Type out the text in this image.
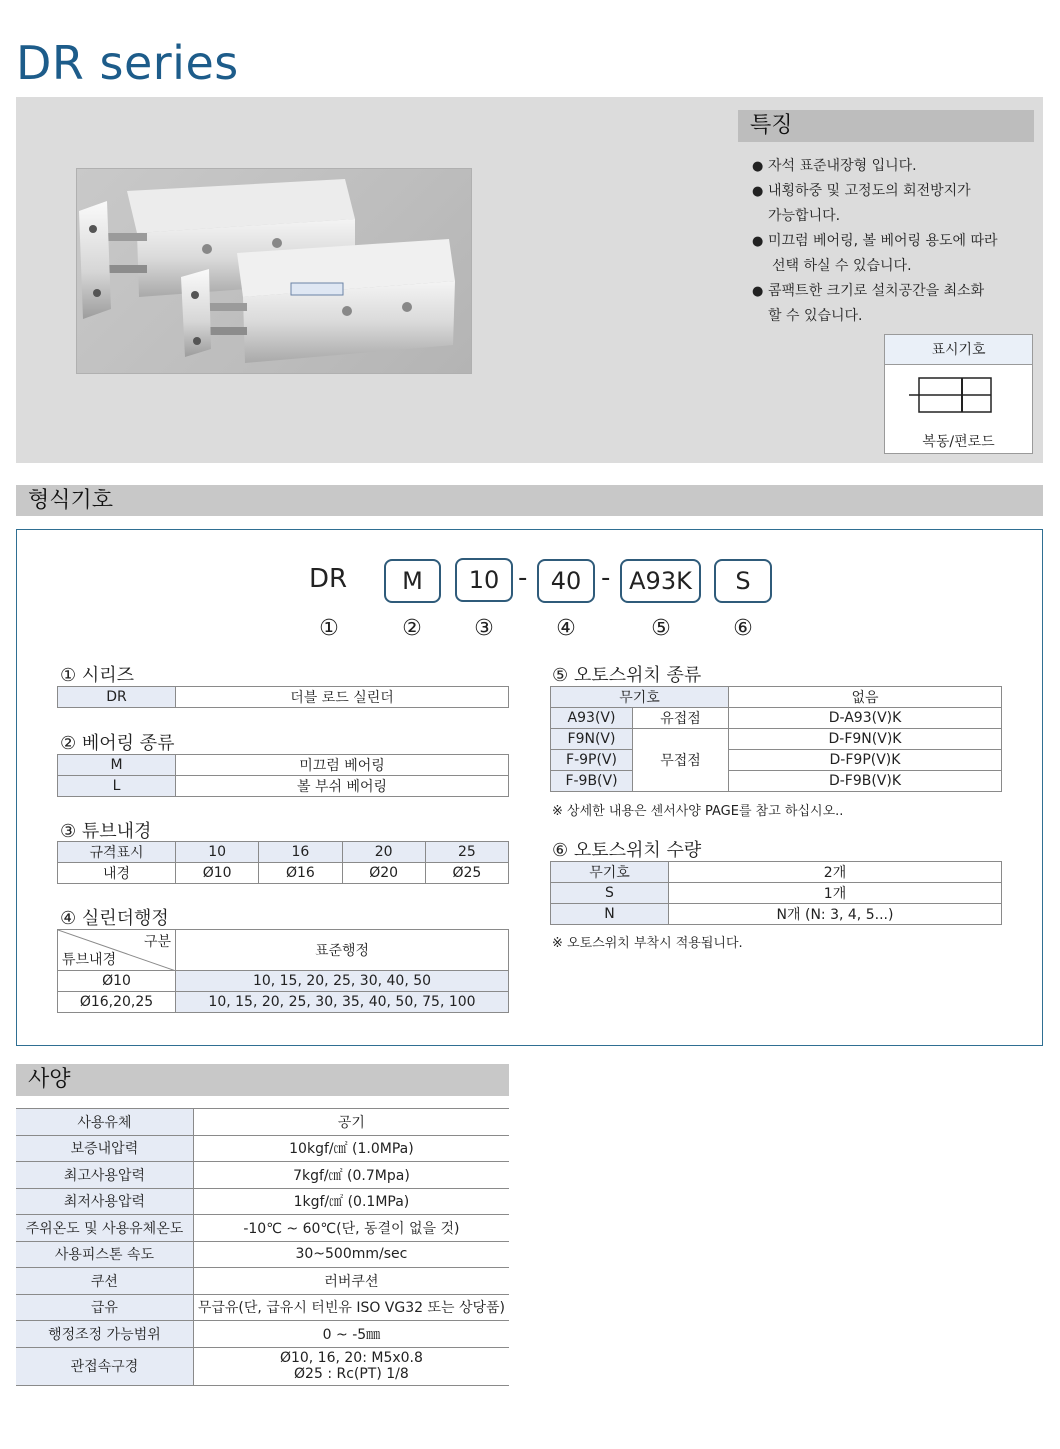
DR series
특징
● 자석 표준내장형 입니다.
● 내횡하중 및 고정도의 회전방지가
가능합니다.
● 미끄럼 베어링, 볼 베어링 용도에 따라
선택 하실 수 있습니다.
● 콤팩트한 크기로 설치공간을 최소화
할 수 있습니다.
표시기호
복동/편로드
형식기호
DR	M	10 - 40 - A93K	S
①	②	③	④	⑤	⑥
① 시리즈
DR	더블 로드 실린더
② 베어링 종류
M	미끄럼 베어링
L	볼 부쉬 베어링
③ 튜브내경
규격표시	10	16	20	25
내경	Ø10	Ø16	Ø20	Ø25
④ 실린더행정
구분
튜브내경	표준행정
Ø10	10, 15, 20, 25, 30, 40, 50
Ø16,20,25	10, 15, 20, 25, 30, 35, 40, 50, 75, 100
⑤ 오토스위치 종류
무기호		없음
A93(V)	유접점	D-A93(V)K
F9N(V)	무접점	D-F9N(V)K
F-9P(V)		D-F9P(V)K
F-9B(V)		D-F9B(V)K
※ 상세한 내용은 센서사양 PAGE를 참고 하십시오..
⑥ 오토스위치 수량
무기호	2개
S	1개
N	N개 (N: 3, 4, 5...)
※ 오토스위치 부착시 적용됩니다.
사양
사용유체	공기
보증내압력	10kgf/㎠ (1.0MPa)
최고사용압력	7kgf/㎠ (0.7Mpa)
최저사용압력	1kgf/㎠ (0.1MPa)
주위온도 및 사용유체온도	-10℃ ~ 60℃(단, 동결이 없을 것)
사용피스톤 속도	30~500mm/sec
쿠션	러버쿠션
급유	무급유(단, 급유시 터빈유 ISO VG32 또는 상당품)
행정조정 가능범위	0 ~ -5㎜
관접속구경	Ø10, 16, 20: M5x0.8
Ø25 : Rc(PT) 1/8
